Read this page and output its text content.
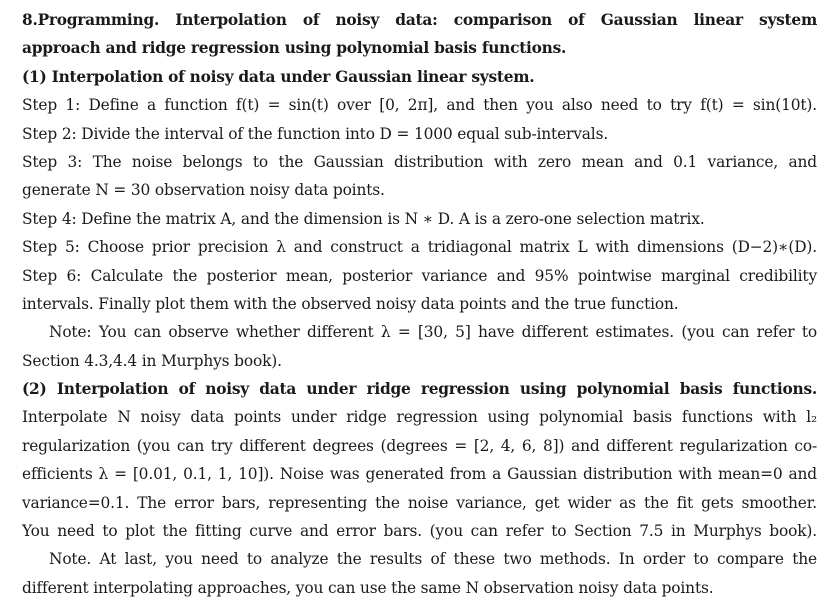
8.Programming. Interpolation of noisy data: comparison of Gaussian linear system
approach and ridge regression using polynomial basis functions.
(1) Interpolation of noisy data under Gaussian linear system.
Step 1: Define a function f(t) = sin(t) over [0, 2π], and then you also need to try f(t) = sin(10t).
Step 2: Divide the interval of the function into D = 1000 equal sub-intervals.
Step 3: The noise belongs to the Gaussian distribution with zero mean and 0.1 variance, and
generate N = 30 observation noisy data points.
Step 4: Define the matrix A, and the dimension is N ∗ D. A is a zero-one selection matrix.
Step 5: Choose prior precision λ and construct a tridiagonal matrix L with dimensions (D−2)∗(D).
Step 6: Calculate the posterior mean, posterior variance and 95% pointwise marginal credibility
intervals. Finally plot them with the observed noisy data points and the true function.
Note: You can observe whether different λ = [30, 5] have different estimates. (you can refer to
Section 4.3,4.4 in Murphys book).
(2) Interpolation of noisy data under ridge regression using polynomial basis functions.
Interpolate N noisy data points under ridge regression using polynomial basis functions with l₂
regularization (you can try different degrees (degrees = [2, 4, 6, 8]) and different regularization co-
efficients λ = [0.01, 0.1, 1, 10]). Noise was generated from a Gaussian distribution with mean=0 and
variance=0.1. The error bars, representing the noise variance, get wider as the fit gets smoother.
You need to plot the fitting curve and error bars. (you can refer to Section 7.5 in Murphys book).
Note. At last, you need to analyze the results of these two methods. In order to compare the
different interpolating approaches, you can use the same N observation noisy data points.
